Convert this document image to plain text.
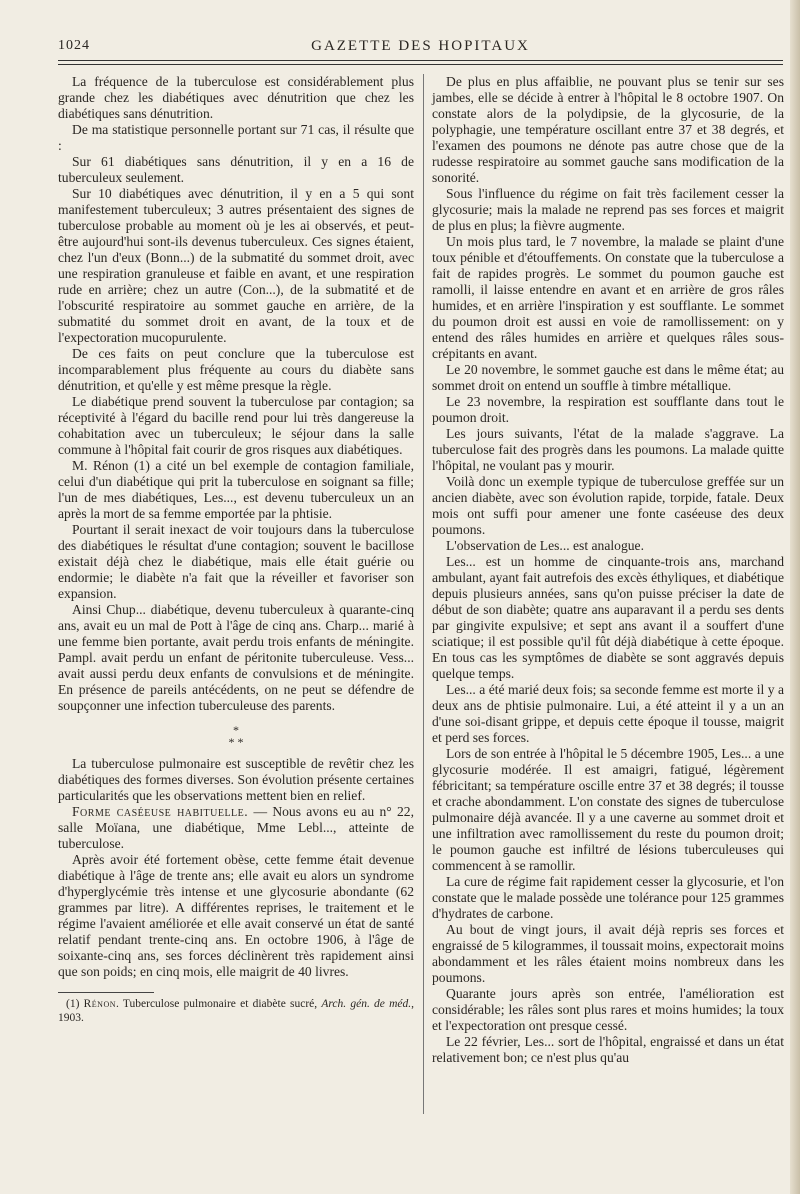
1024	GAZETTE DES HOPITAUX

La fréquence de la tuberculose est considérablement plus grande chez les diabétiques avec dénutrition que chez les diabétiques sans dénutrition.

De ma statistique personnelle portant sur 71 cas, il résulte que :

Sur 61 diabétiques sans dénutrition, il y en a 16 de tuberculeux seulement.

Sur 10 diabétiques avec dénutrition, il y en a 5 qui sont manifestement tuberculeux; 3 autres présentaient des signes de tuberculose probable au moment où je les ai observés, et peut-être aujourd'hui sont-ils devenus tuberculeux. Ces signes étaient, chez l'un d'eux (Bonn...) de la submatité du sommet droit, avec une respiration granuleuse et faible en avant, et une respiration rude en arrière; chez un autre (Con...), de la submatité et de l'obscurité respiratoire au sommet gauche en arrière, de la submatité du sommet droit en avant, de la toux et de l'expectoration mucopurulente.

De ces faits on peut conclure que la tuberculose est incomparablement plus fréquente au cours du diabète sans dénutrition, et qu'elle y est même presque la règle.

Le diabétique prend souvent la tuberculose par contagion; sa réceptivité à l'égard du bacille rend pour lui très dangereuse la cohabitation avec un tuberculeux; le séjour dans la salle commune à l'hôpital fait courir de gros risques aux diabétiques.

M. Rénon (1) a cité un bel exemple de contagion familiale, celui d'un diabétique qui prit la tuberculose en soignant sa fille; l'un de mes diabétiques, Les..., est devenu tuberculeux un an après la mort de sa femme emportée par la phtisie.

Pourtant il serait inexact de voir toujours dans la tuberculose des diabétiques le résultat d'une contagion; souvent le bacillose existait déjà chez le diabétique, mais elle était guérie ou endormie; le diabète n'a fait que la réveiller et favoriser son expansion.

Ainsi Chup... diabétique, devenu tuberculeux à quarante-cinq ans, avait eu un mal de Pott à l'âge de cinq ans. Charp... marié à une femme bien portante, avait perdu trois enfants de méningite. Pampl. avait perdu un enfant de péritonite tuberculeuse. Vess... avait aussi perdu deux enfants de convulsions et de méningite. En présence de pareils antécédents, on ne peut se défendre de soupçonner une infection tuberculeuse des parents.

*
* *

La tuberculose pulmonaire est susceptible de revêtir chez les diabétiques des formes diverses. Son évolution présente certaines particularités que les observations mettent bien en relief.

Forme caséeuse habituelle. — Nous avons eu au n° 22, salle Moïana, une diabétique, Mme Lebl..., atteinte de tuberculose.

Après avoir été fortement obèse, cette femme était devenue diabétique à l'âge de trente ans; elle avait eu alors un syndrome d'hyperglycémie très intense et une glycosurie abondante (62 grammes par litre). A différentes reprises, le traitement et le régime l'avaient améliorée et elle avait conservé un état de santé relatif pendant trente-cinq ans. En octobre 1906, à l'âge de soixante-cinq ans, ses forces déclinèrent très rapidement ainsi que son poids; en cinq mois, elle maigrit de 40 livres.

(1) Rénon. Tuberculose pulmonaire et diabète sucré, Arch. gén. de méd., 1903.

De plus en plus affaiblie, ne pouvant plus se tenir sur ses jambes, elle se décide à entrer à l'hôpital le 8 octobre 1907. On constate alors de la polydipsie, de la glycosurie, de la polyphagie, une température oscillant entre 37 et 38 degrés, et l'examen des poumons ne dénote pas autre chose que de la rudesse respiratoire au sommet gauche sans modification de la sonorité.

Sous l'influence du régime on fait très facilement cesser la glycosurie; mais la malade ne reprend pas ses forces et maigrit de plus en plus; la fièvre augmente.

Un mois plus tard, le 7 novembre, la malade se plaint d'une toux pénible et d'étouffements. On constate que la tuberculose a fait de rapides progrès. Le sommet du poumon gauche est ramolli, il laisse entendre en avant et en arrière de gros râles humides, et en arrière l'inspiration y est soufflante. Le sommet du poumon droit est aussi en voie de ramollissement: on y entend des râles humides en arrière et quelques râles sous-crépitants en avant.

Le 20 novembre, le sommet gauche est dans le même état; au sommet droit on entend un souffle à timbre métallique.

Le 23 novembre, la respiration est soufflante dans tout le poumon droit.

Les jours suivants, l'état de la malade s'aggrave. La tuberculose fait des progrès dans les poumons. La malade quitte l'hôpital, ne voulant pas y mourir.

Voilà donc un exemple typique de tuberculose greffée sur un ancien diabète, avec son évolution rapide, torpide, fatale. Deux mois ont suffi pour amener une fonte caséeuse des deux poumons.

L'observation de Les... est analogue.

Les... est un homme de cinquante-trois ans, marchand ambulant, ayant fait autrefois des excès éthyliques, et diabétique depuis plusieurs années, sans qu'on puisse préciser la date de début de son diabète; quatre ans auparavant il a perdu ses dents par gingivite expulsive; et sept ans avant il a souffert d'une sciatique; il est possible qu'il fût déjà diabétique à cette époque. En tous cas les symptômes de diabète se sont aggravés depuis quelque temps.

Les... a été marié deux fois; sa seconde femme est morte il y a deux ans de phtisie pulmonaire. Lui, a été atteint il y a un an d'une soi-disant grippe, et depuis cette époque il tousse, maigrit et perd ses forces.

Lors de son entrée à l'hôpital le 5 décembre 1905, Les... a une glycosurie modérée. Il est amaigri, fatigué, légèrement fébricitant; sa température oscille entre 37 et 38 degrés; il tousse et crache abondamment. L'on constate des signes de tuberculose pulmonaire déjà avancée. Il y a une caverne au sommet droit et une infiltration avec ramollissement du reste du poumon droit; le poumon gauche est infiltré de lésions tuberculeuses qui commencent à se ramollir.

La cure de régime fait rapidement cesser la glycosurie, et l'on constate que le malade possède une tolérance pour 125 grammes d'hydrates de carbone.

Au bout de vingt jours, il avait déjà repris ses forces et engraissé de 5 kilogrammes, il toussait moins, expectorait moins abondamment et les râles étaient moins nombreux dans les poumons.

Quarante jours après son entrée, l'amélioration est considérable; les râles sont plus rares et moins humides; la toux et l'expectoration ont presque cessé.

Le 22 février, Les... sort de l'hôpital, engraissé et dans un état relativement bon; ce n'est plus qu'au
